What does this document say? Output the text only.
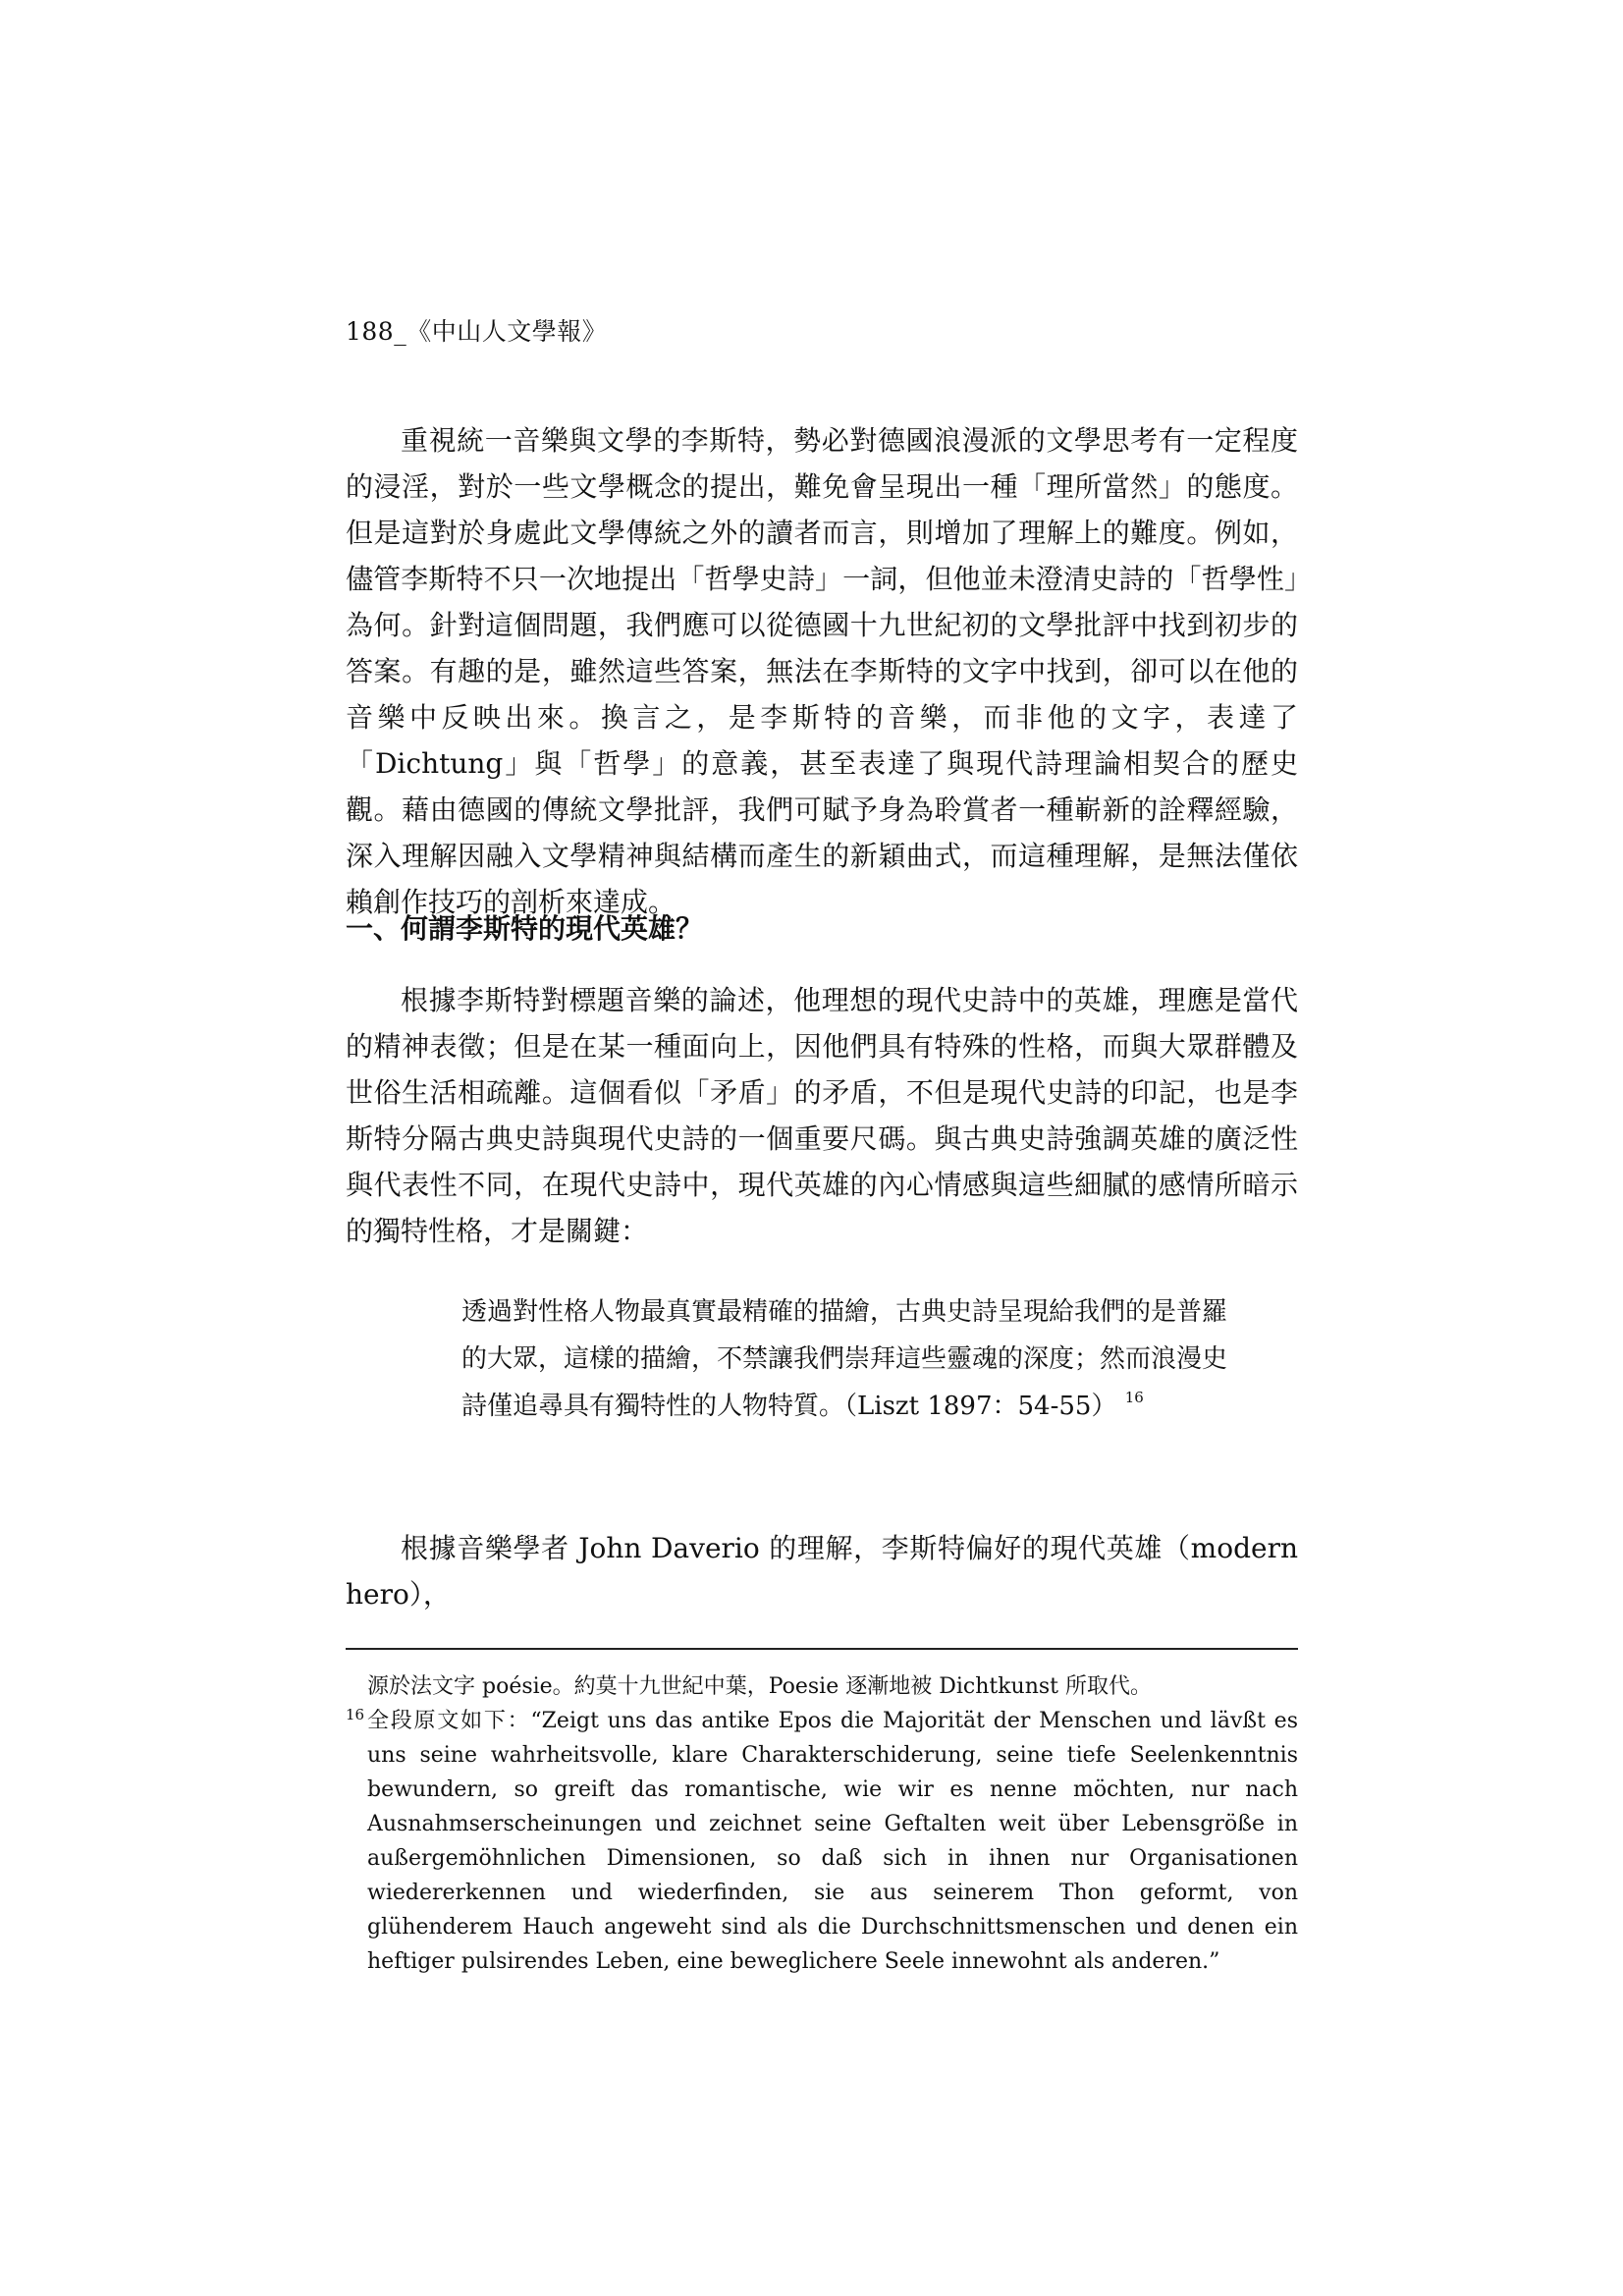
188_《中山人文學報》

重視統一音樂與文學的李斯特，勢必對德國浪漫派的文學思考有一定程度的浸淫，對於一些文學概念的提出，難免會呈現出一種「理所當然」的態度。但是這對於身處此文學傳統之外的讀者而言，則增加了理解上的難度。例如，儘管李斯特不只一次地提出「哲學史詩」一詞，但他並未澄清史詩的「哲學性」為何。針對這個問題，我們應可以從德國十九世紀初的文學批評中找到初步的答案。有趣的是，雖然這些答案，無法在李斯特的文字中找到，卻可以在他的音樂中反映出來。換言之，是李斯特的音樂，而非他的文字，表達了「Dichtung」與「哲學」的意義，甚至表達了與現代詩理論相契合的歷史觀。藉由德國的傳統文學批評，我們可賦予身為聆賞者一種嶄新的詮釋經驗，深入理解因融入文學精神與結構而產生的新穎曲式，而這種理解，是無法僅依賴創作技巧的剖析來達成。

一、何謂李斯特的現代英雄？

根據李斯特對標題音樂的論述，他理想的現代史詩中的英雄，理應是當代的精神表徵；但是在某一種面向上，因他們具有特殊的性格，而與大眾群體及世俗生活相疏離。這個看似「矛盾」的矛盾，不但是現代史詩的印記，也是李斯特分隔古典史詩與現代史詩的一個重要尺碼。與古典史詩強調英雄的廣泛性與代表性不同，在現代史詩中，現代英雄的內心情感與這些細膩的感情所暗示的獨特性格，才是關鍵：

透過對性格人物最真實最精確的描繪，古典史詩呈現給我們的是普羅的大眾，這樣的描繪，不禁讓我們崇拜這些靈魂的深度；然而浪漫史詩僅追尋具有獨特性的人物特質。（Liszt 1897：54-55） $^{16}$

根據音樂學者 John Daverio 的理解，李斯特偏好的現代英雄（modern hero），

源於法文字 poésie。約莫十九世紀中葉，Poesie 逐漸地被 Dichtkunst 所取代。

16 全段原文如下：“Zeigt uns das antike Epos die Majorität der Menschen und lävßt es uns seine wahrheitsvolle, klare Charakterschiderung, seine tiefe Seelenkenntnis bewundern, so greift das romantische, wie wir es nenne möchten, nur nach Ausnahmserscheinungen und zeichnet seine Geftalten weit über Lebensgröße in außergemöhnlichen Dimensionen, so daß sich in ihnen nur Organisationen wiedererkennen und wiederfinden, sie aus seinerem Thon geformt, von glühenderem Hauch angeweht sind als die Durchschnittsmenschen und denen ein heftiger pulsirendes Leben, eine beweglichere Seele innewohnt als anderen.”
